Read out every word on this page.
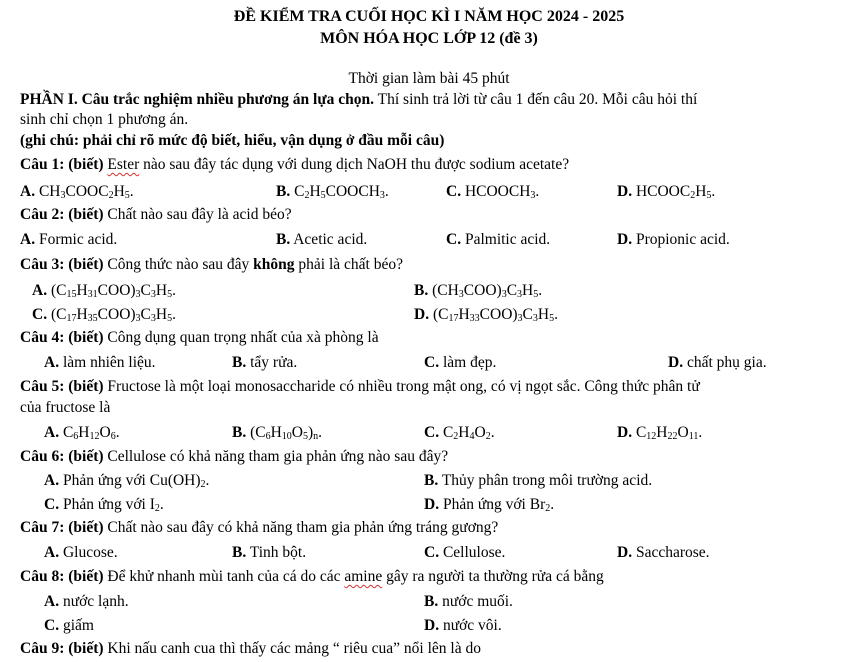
ĐỀ KIỂM TRA CUỐI HỌC KÌ I NĂM HỌC 2024 - 2025
MÔN HÓA HỌC LỚP 12 (đề 3)
Thời gian làm bài 45 phút
PHẦN I. Câu trắc nghiệm nhiều phương án lựa chọn. Thí sinh trả lời từ câu 1 đến câu 20. Mỗi câu hỏi thí
sinh chỉ chọn 1 phương án.
(ghi chú: phải chỉ rõ mức độ biết, hiểu, vận dụng ở đầu mỗi câu)
Câu 1: (biết) Ester nào sau đây tác dụng với dung dịch NaOH thu được sodium acetate?
A. $CH_3COOC_2H_5$.	B. $C_2H_5COOCH_3$.	C. $HCOOCH_3$.	D. $HCOOC_2H_5$.
Câu 2: (biết) Chất nào sau đây là acid béo?
A. Formic acid.	B. Acetic acid.	C. Palmitic acid.	D. Propionic acid.
Câu 3: (biết) Công thức nào sau đây không phải là chất béo?
A. $(C_{15}H_{31}COO)_3C_3H_5$.	B. $(CH_3COO)_3C_3H_5$.
C. $(C_{17}H_{35}COO)_3C_3H_5$.	D. $(C_{17}H_{33}COO)_3C_3H_5$.
Câu 4: (biết) Công dụng quan trọng nhất của xà phòng là
A. làm nhiên liệu.	B. tẩy rửa.	C. làm đẹp.	D. chất phụ gia.
Câu 5: (biết) Fructose là một loại monosaccharide có nhiều trong mật ong, có vị ngọt sắc. Công thức phân tử
của fructose là
A. $C_6H_{12}O_6$.	B. $(C_6H_{10}O_5)_n$.	C. $C_2H_4O_2$.	D. $C_{12}H_{22}O_{11}$.
Câu 6: (biết) Cellulose có khả năng tham gia phản ứng nào sau đây?
A. Phản ứng với $Cu(OH)_2$.	B. Thủy phân trong môi trường acid.
C. Phản ứng với $I_2$.	D. Phản ứng với $Br_2$.
Câu 7: (biết) Chất nào sau đây có khả năng tham gia phản ứng tráng gương?
A. Glucose.	B. Tinh bột.	C. Cellulose.	D. Saccharose.
Câu 8: (biết) Để khử nhanh mùi tanh của cá do các amine gây ra người ta thường rửa cá bằng
A. nước lạnh.	B. nước muối.
C. giấm	D. nước vôi.
Câu 9: (biết) Khi nấu canh cua thì thấy các mảng “ riêu cua” nổi lên là do
